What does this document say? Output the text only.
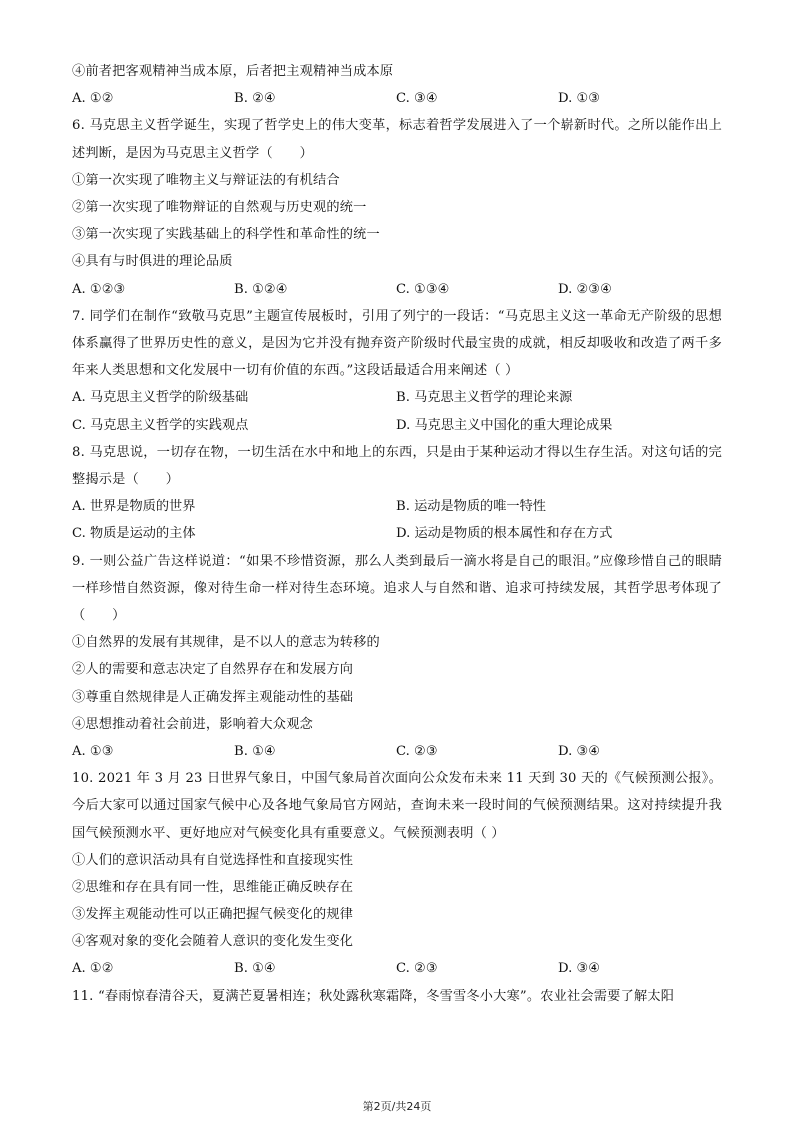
④前者把客观精神当成本原，后者把主观精神当成本原
A. ①②	B. ②④	C. ③④	D. ①③
6. 马克思主义哲学诞生，实现了哲学史上的伟大变革，标志着哲学发展进入了一个崭新时代。之所以能作出上述判断，是因为马克思主义哲学（　　）
①第一次实现了唯物主义与辩证法的有机结合
②第一次实现了唯物辩证的自然观与历史观的统一
③第一次实现了实践基础上的科学性和革命性的统一
④具有与时俱进的理论品质
A. ①②③	B. ①②④	C. ①③④	D. ②③④
7. 同学们在制作“致敬马克思”主题宣传展板时，引用了列宁的一段话：“马克思主义这一革命无产阶级的思想体系赢得了世界历史性的意义，是因为它并没有抛弃资产阶级时代最宝贵的成就，相反却吸收和改造了两千多年来人类思想和文化发展中一切有价值的东西。”这段话最适合用来阐述（ ）
A. 马克思主义哲学的阶级基础	B. 马克思主义哲学的理论来源
C. 马克思主义哲学的实践观点	D. 马克思主义中国化的重大理论成果
8. 马克思说，一切存在物，一切生活在水中和地上的东西，只是由于某种运动才得以生存生活。对这句话的完整揭示是（　　）
A. 世界是物质的世界	B. 运动是物质的唯一特性
C. 物质是运动的主体	D. 运动是物质的根本属性和存在方式
9. 一则公益广告这样说道：“如果不珍惜资源，那么人类到最后一滴水将是自己的眼泪。”应像珍惜自己的眼睛一样珍惜自然资源，像对待生命一样对待生态环境。追求人与自然和谐、追求可持续发展，其哲学思考体现了（　　）
①自然界的发展有其规律，是不以人的意志为转移的
②人的需要和意志决定了自然界存在和发展方向
③尊重自然规律是人正确发挥主观能动性的基础
④思想推动着社会前进，影响着大众观念
A. ①③	B. ①④	C. ②③	D. ③④
10. 2021 年 3 月 23 日世界气象日，中国气象局首次面向公众发布未来 11 天到 30 天的《气候预测公报》。今后大家可以通过国家气候中心及各地气象局官方网站，查询未来一段时间的气候预测结果。这对持续提升我国气候预测水平、更好地应对气候变化具有重要意义。气候预测表明（ ）
①人们的意识活动具有自觉选择性和直接现实性
②思维和存在具有同一性，思维能正确反映存在
③发挥主观能动性可以正确把握气候变化的规律
④客观对象的变化会随着人意识的变化发生变化
A. ①②	B. ①④	C. ②③	D. ③④
11. “春雨惊春清谷天，夏满芒夏暑相连；秋处露秋寒霜降，冬雪雪冬小大寒”。农业社会需要了解太阳
第2页/共24页
